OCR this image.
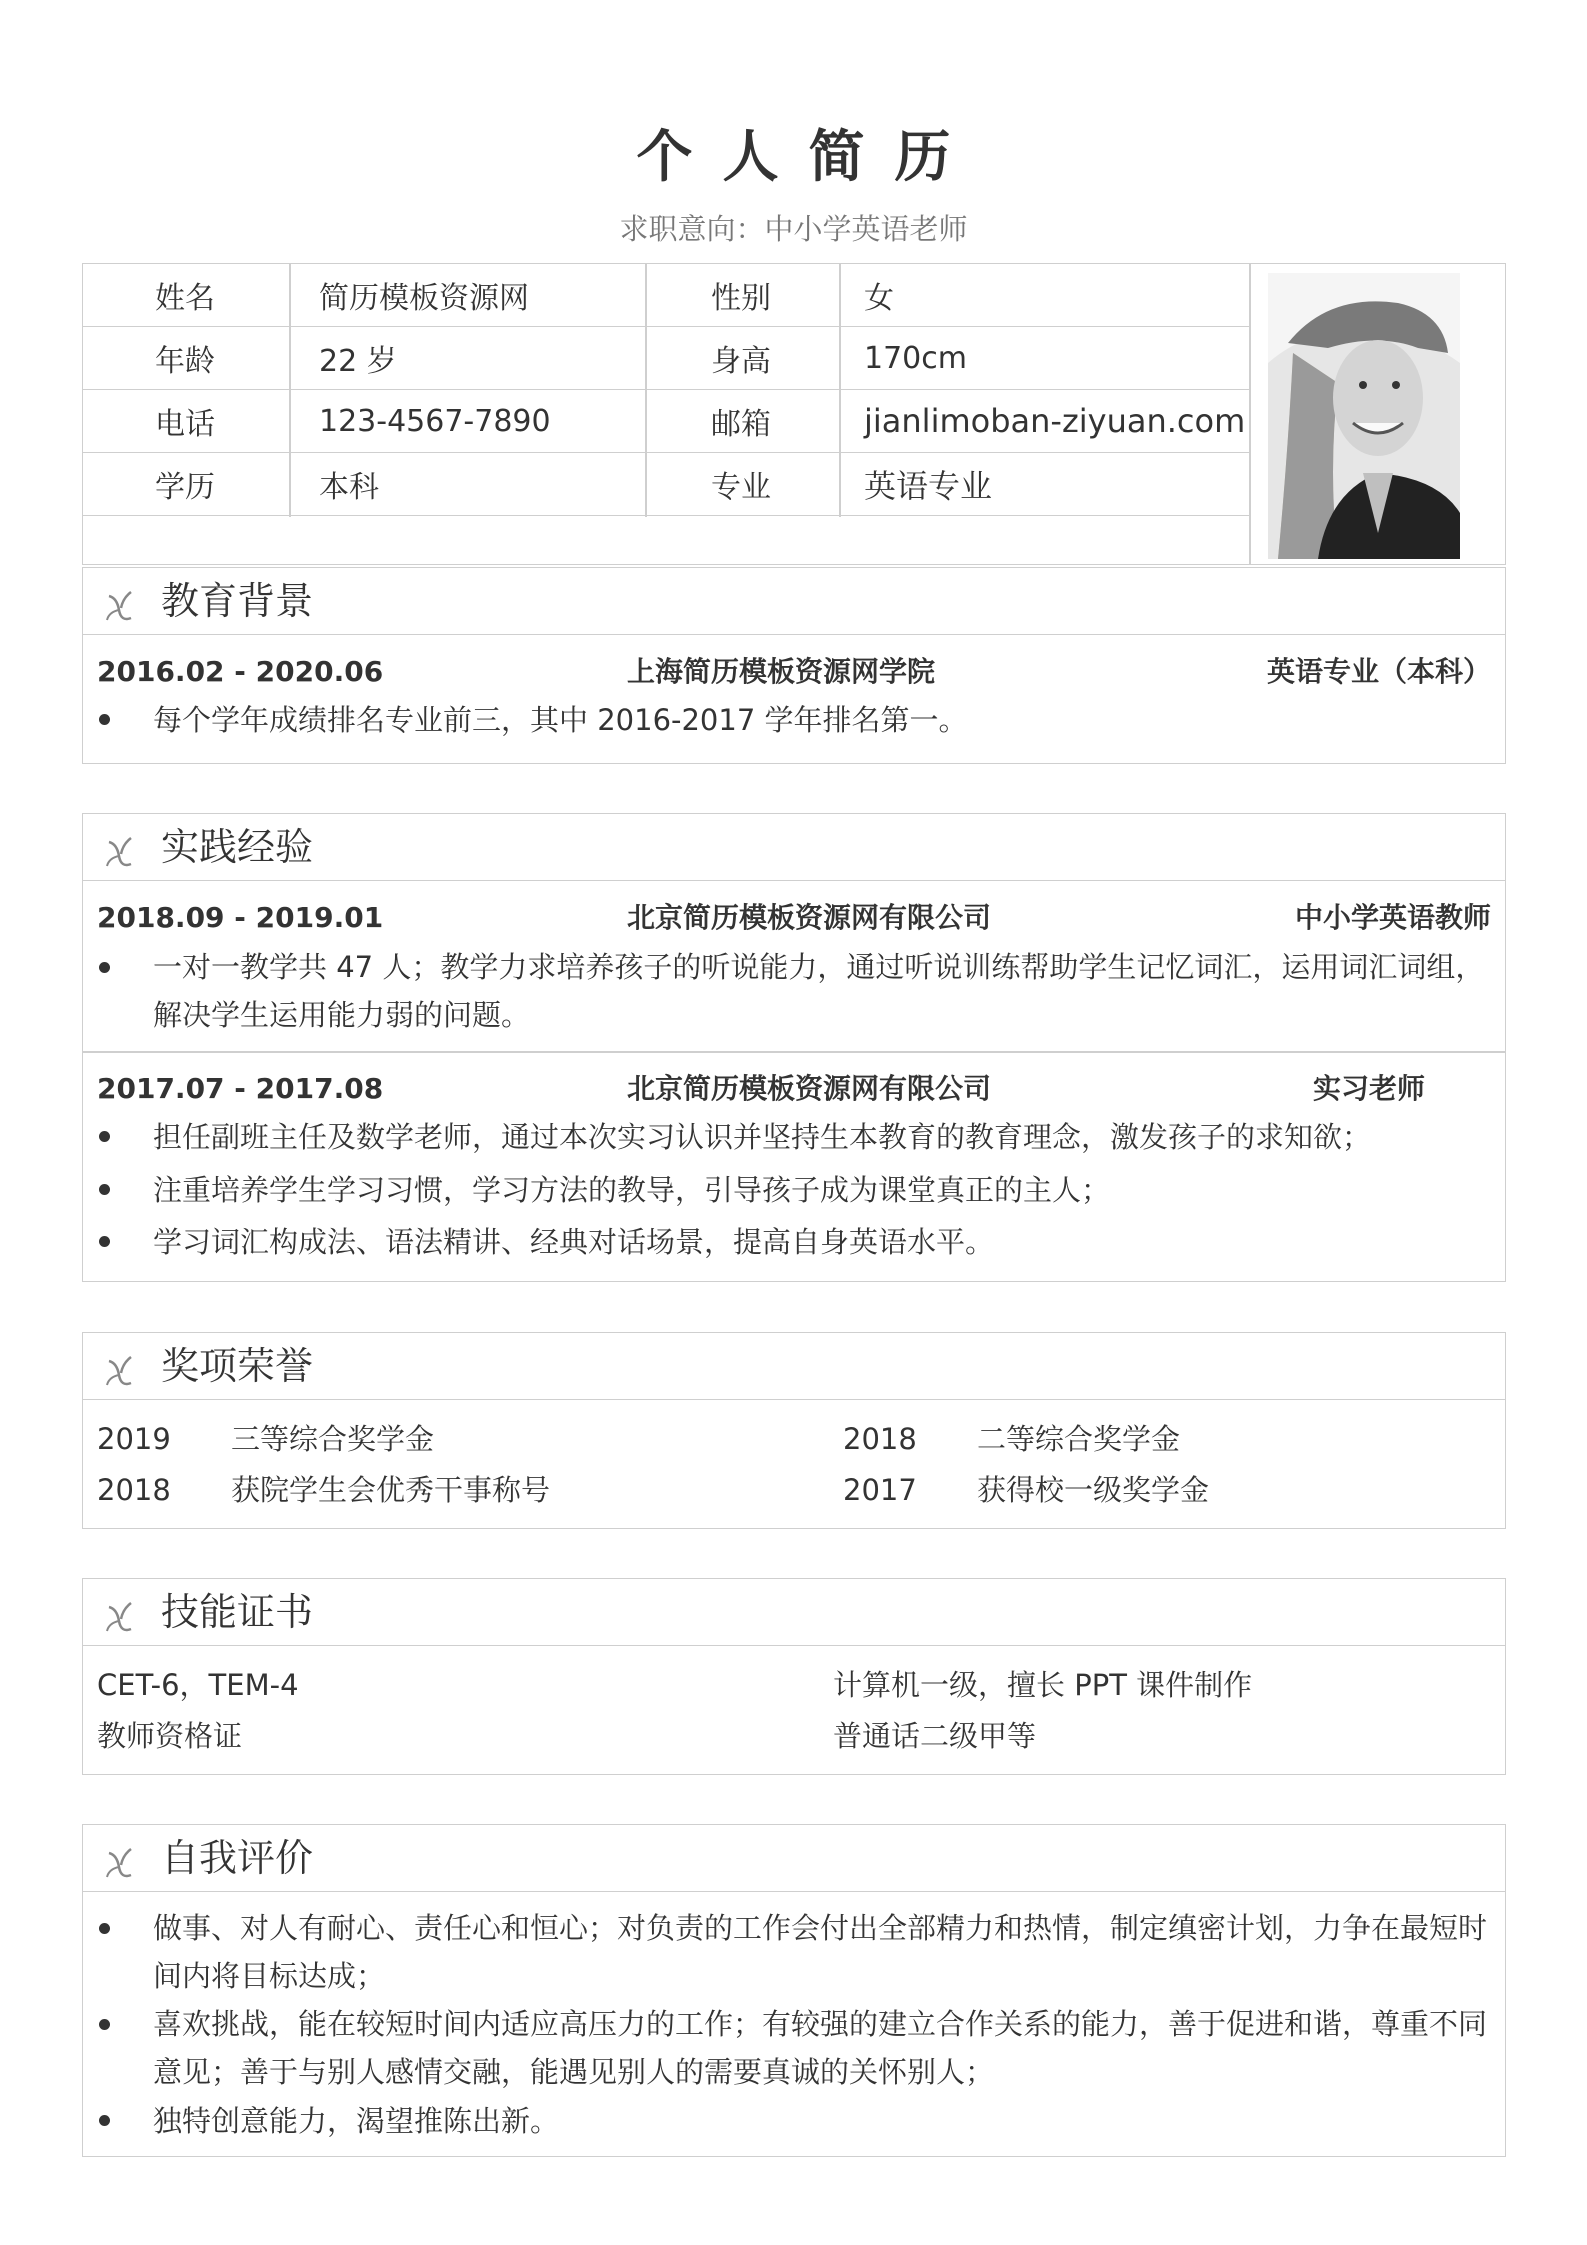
个人简历
求职意向：中小学英语老师
姓名	简历模板资源网	性别	女
年龄	22 岁	身高	170cm
电话	123-4567-7890	邮箱	jianlimoban-ziyuan.com
学历	本科	专业	英语专业
教育背景
2016.02 - 2020.06	上海简历模板资源网学院	英语专业（本科）
每个学年成绩排名专业前三，其中 2016-2017 学年排名第一。
实践经验
2018.09 - 2019.01	北京简历模板资源网有限公司	中小学英语教师
一对一教学共 47 人；教学力求培养孩子的听说能力，通过听说训练帮助学生记忆词汇，运用词汇词组，解决学生运用能力弱的问题。
2017.07 - 2017.08	北京简历模板资源网有限公司	实习老师
担任副班主任及数学老师，通过本次实习认识并坚持生本教育的教育理念，激发孩子的求知欲；
注重培养学生学习习惯，学习方法的教导，引导孩子成为课堂真正的主人；
学习词汇构成法、语法精讲、经典对话场景，提高自身英语水平。
奖项荣誉
2019 三等综合奖学金	2018 二等综合奖学金
2018 获院学生会优秀干事称号	2017 获得校一级奖学金
技能证书
CET-6，TEM-4	计算机一级，擅长 PPT 课件制作
教师资格证	普通话二级甲等
自我评价
做事、对人有耐心、责任心和恒心；对负责的工作会付出全部精力和热情，制定缜密计划，力争在最短时间内将目标达成；
喜欢挑战，能在较短时间内适应高压力的工作；有较强的建立合作关系的能力，善于促进和谐，尊重不同意见；善于与别人感情交融，能遇见别人的需要真诚的关怀别人；
独特创意能力，渴望推陈出新。
